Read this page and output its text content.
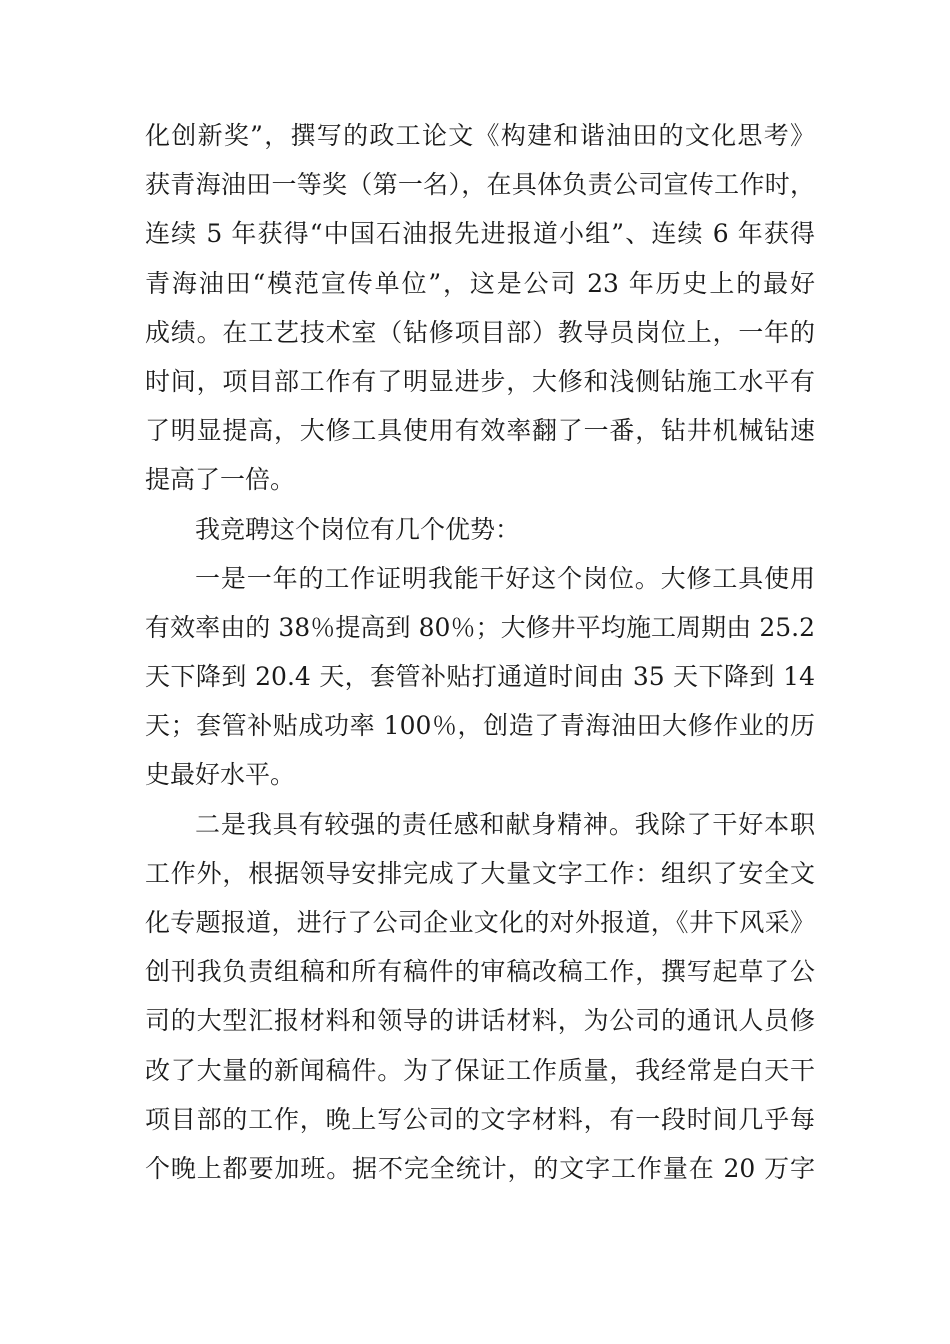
化创新奖”，撰写的政工论文《构建和谐油田的文化思考》
获青海油田一等奖（第一名），在具体负责公司宣传工作时，
连续 5 年获得“中国石油报先进报道小组”、连续 6 年获得
青海油田“模范宣传单位”，这是公司 23 年历史上的最好
成绩。在工艺技术室（钻修项目部）教导员岗位上，一年的
时间，项目部工作有了明显进步，大修和浅侧钻施工水平有
了明显提高，大修工具使用有效率翻了一番，钻井机械钻速
提高了一倍。
我竞聘这个岗位有几个优势：
一是一年的工作证明我能干好这个岗位。大修工具使用
有效率由的 38％提高到 80％；大修井平均施工周期由 25.2
天下降到 20.4 天，套管补贴打通道时间由 35 天下降到 14
天；套管补贴成功率 100％，创造了青海油田大修作业的历
史最好水平。
二是我具有较强的责任感和献身精神。我除了干好本职
工作外，根据领导安排完成了大量文字工作：组织了安全文
化专题报道，进行了公司企业文化的对外报道，《井下风采》
创刊我负责组稿和所有稿件的审稿改稿工作，撰写起草了公
司的大型汇报材料和领导的讲话材料，为公司的通讯人员修
改了大量的新闻稿件。为了保证工作质量，我经常是白天干
项目部的工作，晚上写公司的文字材料，有一段时间几乎每
个晚上都要加班。据不完全统计，的文字工作量在 20 万字
